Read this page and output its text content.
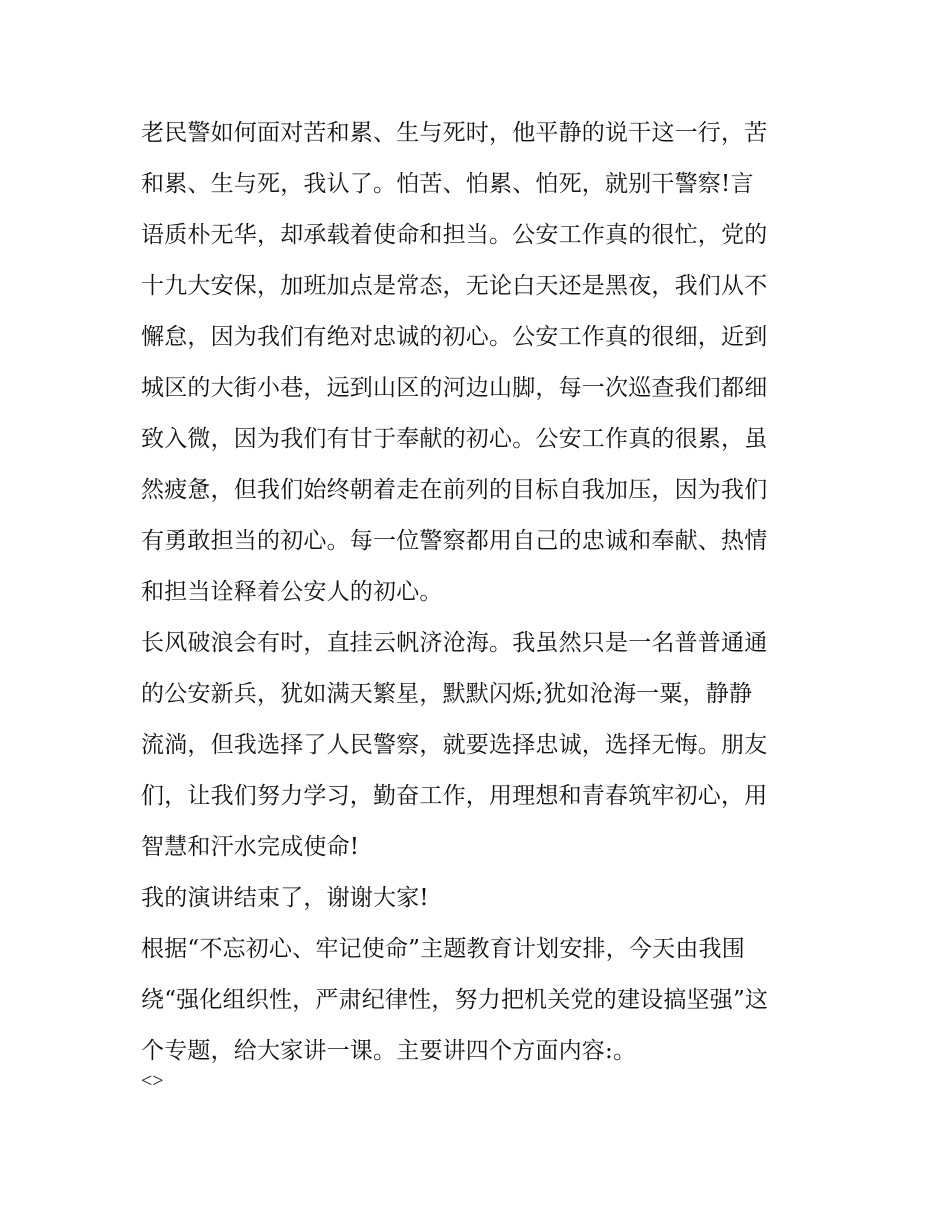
老民警如何面对苦和累、生与死时，他平静的说干这一行，苦
和累、生与死，我认了。怕苦、怕累、怕死，就别干警察!言
语质朴无华，却承载着使命和担当。公安工作真的很忙，党的
十九大安保，加班加点是常态，无论白天还是黑夜，我们从不
懈怠，因为我们有绝对忠诚的初心。公安工作真的很细，近到
城区的大街小巷，远到山区的河边山脚，每一次巡查我们都细
致入微，因为我们有甘于奉献的初心。公安工作真的很累，虽
然疲惫，但我们始终朝着走在前列的目标自我加压，因为我们
有勇敢担当的初心。每一位警察都用自己的忠诚和奉献、热情
和担当诠释着公安人的初心。
长风破浪会有时，直挂云帆济沧海。我虽然只是一名普普通通
的公安新兵，犹如满天繁星，默默闪烁;犹如沧海一粟，静静
流淌，但我选择了人民警察，就要选择忠诚，选择无悔。朋友
们，让我们努力学习，勤奋工作，用理想和青春筑牢初心，用
智慧和汗水完成使命!
我的演讲结束了，谢谢大家!
根据“不忘初心、牢记使命”主题教育计划安排，今天由我围
绕“强化组织性，严肃纪律性，努力把机关党的建设搞坚强”这
个专题，给大家讲一课。主要讲四个方面内容:。
<>
